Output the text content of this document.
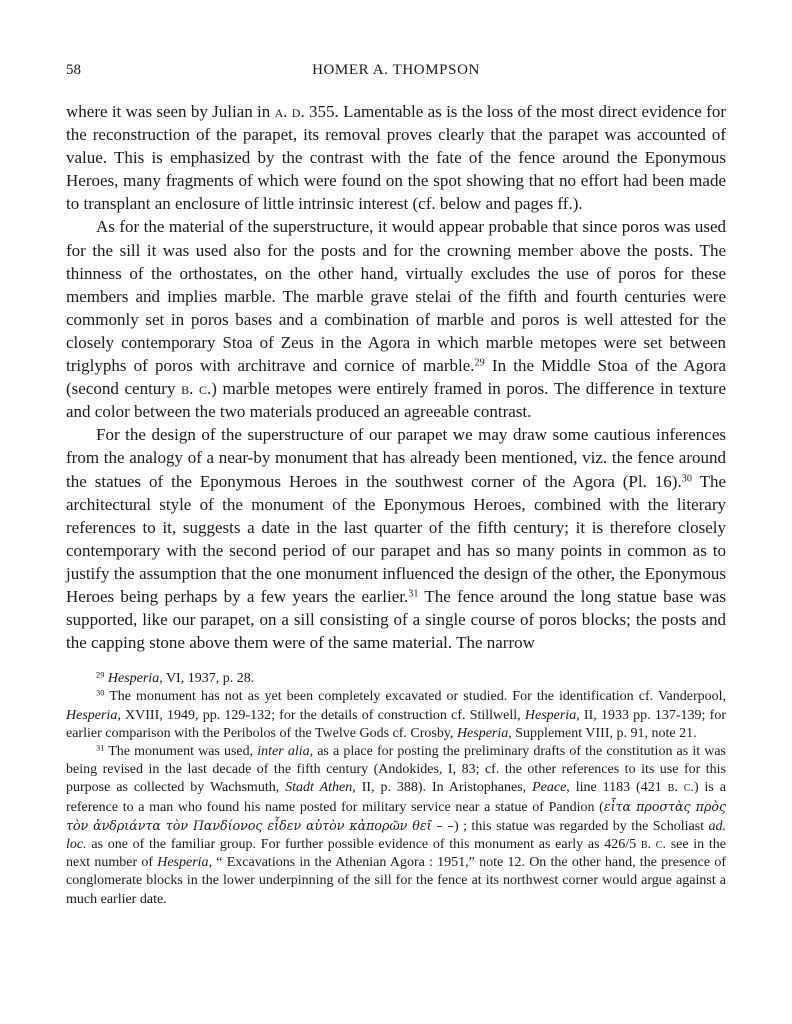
58	HOMER A. THOMPSON

where it was seen by Julian in a. d. 355. Lamentable as is the loss of the most direct evidence for the reconstruction of the parapet, its removal proves clearly that the parapet was accounted of value. This is emphasized by the contrast with the fate of the fence around the Eponymous Heroes, many fragments of which were found on the spot showing that no effort had been made to transplant an enclosure of little intrinsic interest (cf. below and pages ff.).

As for the material of the superstructure, it would appear probable that since poros was used for the sill it was used also for the posts and for the crowning member above the posts. The thinness of the orthostates, on the other hand, virtually excludes the use of poros for these members and implies marble. The marble grave stelai of the fifth and fourth centuries were commonly set in poros bases and a combination of marble and poros is well attested for the closely contemporary Stoa of Zeus in the Agora in which marble metopes were set between triglyphs of poros with architrave and cornice of marble.$^{29}$ In the Middle Stoa of the Agora (second century b. c.) marble metopes were entirely framed in poros. The difference in texture and color between the two materials produced an agreeable contrast.

For the design of the superstructure of our parapet we may draw some cautious inferences from the analogy of a near-by monument that has already been mentioned, viz. the fence around the statues of the Eponymous Heroes in the southwest corner of the Agora (Pl. 16).$^{30}$ The architectural style of the monument of the Eponymous Heroes, combined with the literary references to it, suggests a date in the last quarter of the fifth century; it is therefore closely contemporary with the second period of our parapet and has so many points in common as to justify the assumption that the one monument influenced the design of the other, the Eponymous Heroes being perhaps by a few years the earlier.$^{31}$ The fence around the long statue base was supported, like our parapet, on a sill consisting of a single course of poros blocks; the posts and the capping stone above them were of the same material. The narrow

$^{29}$ Hesperia, VI, 1937, p. 28.

$^{30}$ The monument has not as yet been completely excavated or studied. For the identification cf. Vanderpool, Hesperia, XVIII, 1949, pp. 129-132; for the details of construction cf. Stillwell, Hesperia, II, 1933 pp. 137-139; for earlier comparison with the Peribolos of the Twelve Gods cf. Crosby, Hesperia, Supplement VIII, p. 91, note 21.

$^{31}$ The monument was used, inter alia, as a place for posting the preliminary drafts of the constitution as it was being revised in the last decade of the fifth century (Andokides, I, 83; cf. the other references to its use for this purpose as collected by Wachsmuth, Stadt Athen, II, p. 388). In Aristophanes, Peace, line 1183 (421 b. c.) is a reference to a man who found his name posted for military service near a statue of Pandion (εἶτα προστὰς πρὸς τὸν ἀνδριάντα τὸν Πανδίονος εἶδεν αὑτὸν κἀπορῶν θεῖ – –) ; this statue was regarded by the Scholiast ad. loc. as one of the familiar group. For further possible evidence of this monument as early as 426/5 b. c. see in the next number of Hesperia, “ Excavations in the Athenian Agora : 1951,” note 12. On the other hand, the presence of conglomerate blocks in the lower underpinning of the sill for the fence at its northwest corner would argue against a much earlier date.
